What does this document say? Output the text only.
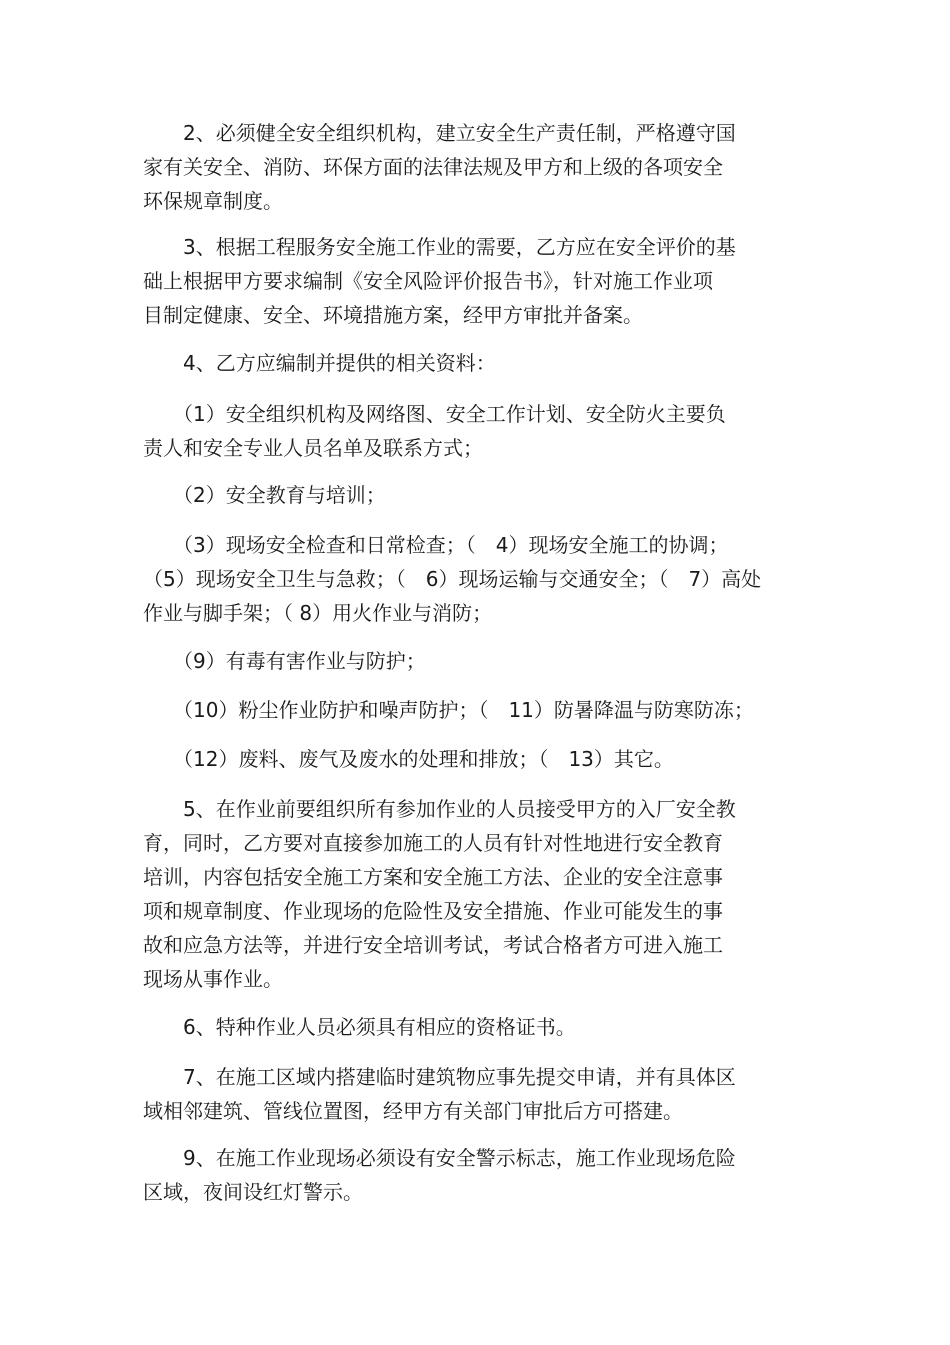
　　2、必须健全安全组织机构，建立安全生产责任制，严格遵守国
家有关安全、消防、环保方面的法律法规及甲方和上级的各项安全
环保规章制度。
　　3、根据工程服务安全施工作业的需要，乙方应在安全评价的基
础上根据甲方要求编制《安全风险评价报告书》，针对施工作业项
目制定健康、安全、环境措施方案，经甲方审批并备案。
　　4、乙方应编制并提供的相关资料：
　　（1）安全组织机构及网络图、安全工作计划、安全防火主要负
责人和安全专业人员名单及联系方式；
　　（2）安全教育与培训；
　　（3）现场安全检查和日常检查；（　4）现场安全施工的协调；
（5）现场安全卫生与急救；（　6）现场运输与交通安全；（　7）高处
作业与脚手架；（ 8）用火作业与消防；
　　（9）有毒有害作业与防护；
　　（10）粉尘作业防护和噪声防护；（　11）防暑降温与防寒防冻；
　　（12）废料、废气及废水的处理和排放；（　13）其它。
　　5、在作业前要组织所有参加作业的人员接受甲方的入厂安全教
育，同时，乙方要对直接参加施工的人员有针对性地进行安全教育
培训，内容包括安全施工方案和安全施工方法、企业的安全注意事
项和规章制度、作业现场的危险性及安全措施、作业可能发生的事
故和应急方法等，并进行安全培训考试，考试合格者方可进入施工
现场从事作业。
　　6、特种作业人员必须具有相应的资格证书。
　　7、在施工区域内搭建临时建筑物应事先提交申请，并有具体区
域相邻建筑、管线位置图，经甲方有关部门审批后方可搭建。
　　9、在施工作业现场必须设有安全警示标志，施工作业现场危险
区域，夜间设红灯警示。
